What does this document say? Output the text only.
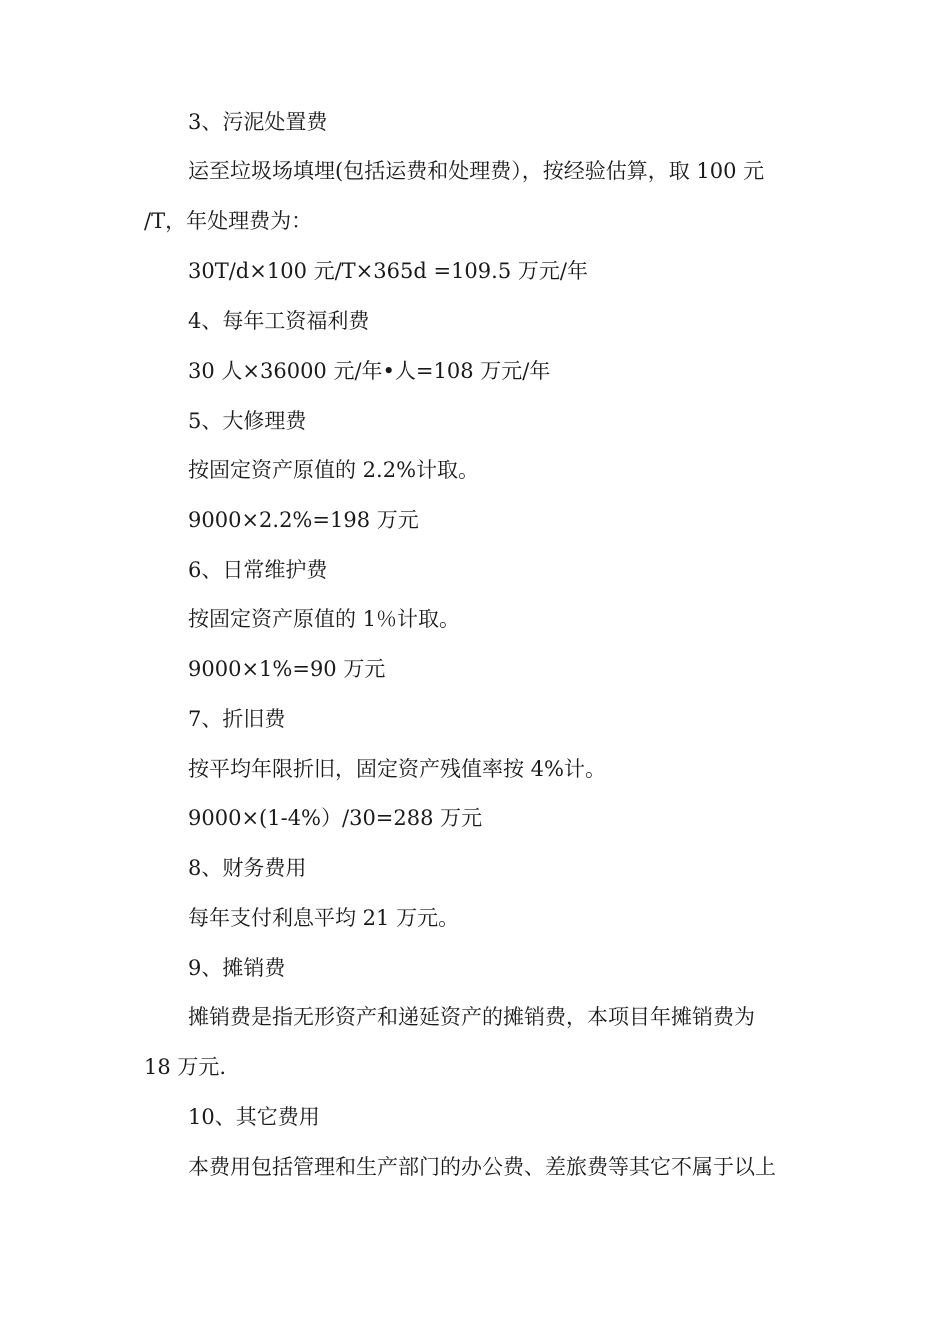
3、污泥处置费
运至垃圾场填埋(包括运费和处理费），按经验估算，取 100 元
/T，年处理费为：
30T/d×100 元/T×365d =109.5 万元/年
4、每年工资福利费
30 人×36000 元/年•人=108 万元/年
5、大修理费
按固定资产原值的 2.2%计取。
9000×2.2%=198 万元
6、日常维护费
按固定资产原值的 1％计取。
9000×1%=90 万元
7、折旧费
按平均年限折旧，固定资产残值率按 4%计。
9000×(1-4%）/30=288 万元
8、财务费用
每年支付利息平均 21 万元。
9、摊销费
摊销费是指无形资产和递延资产的摊销费，本项目年摊销费为
18 万元.
10、其它费用
本费用包括管理和生产部门的办公费、差旅费等其它不属于以上
